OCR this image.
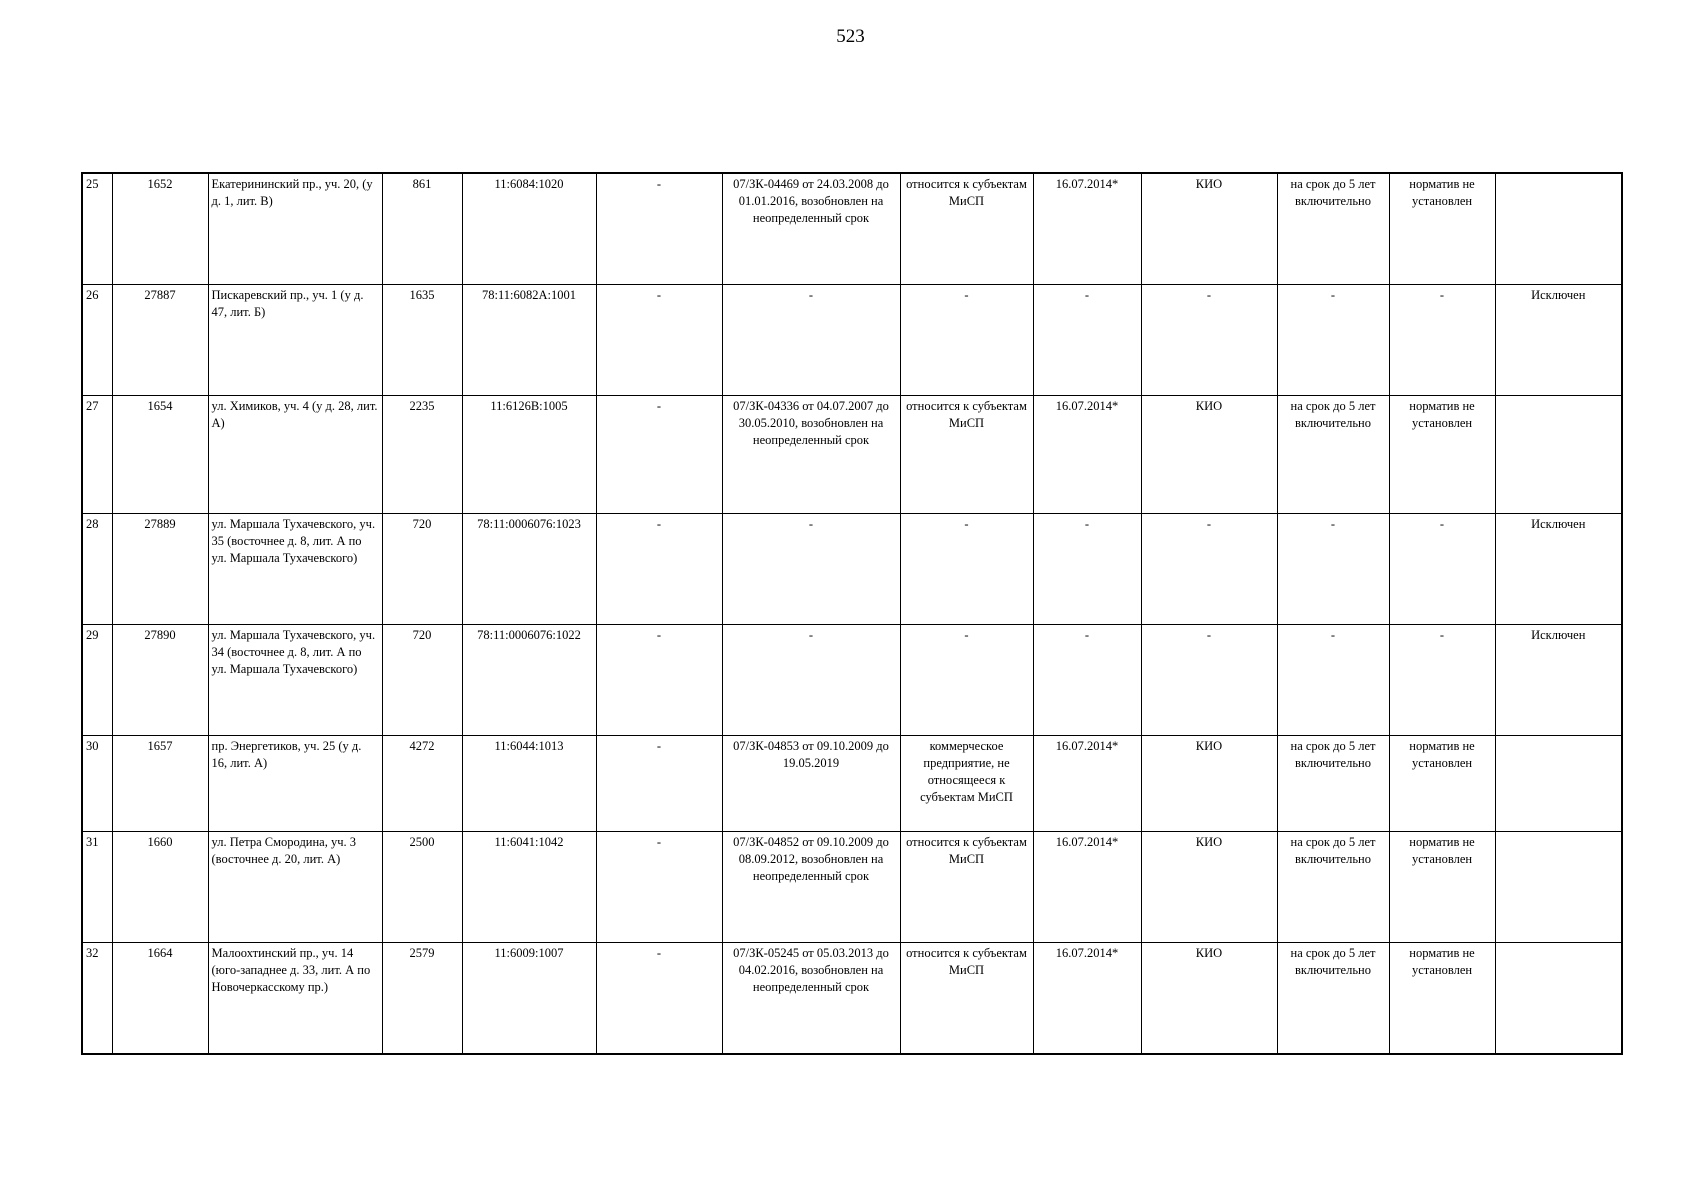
523
25	1652	Екатерининский пр., уч. 20, (у д. 1, лит. В)	861	11:6084:1020	-	07/ЗК-04469 от 24.03.2008 до 01.01.2016, возобновлен на неопределенный срок	относится к субъектам МиСП	16.07.2014*	КИО	на срок до 5 лет включительно	норматив не установлен	
26	27887	Пискаревский пр., уч. 1 (у д. 47, лит. Б)	1635	78:11:6082А:1001	-	-	-	-	-	-	-	Исключен
27	1654	ул. Химиков, уч. 4 (у д. 28, лит. А)	2235	11:6126В:1005	-	07/ЗК-04336 от 04.07.2007 до 30.05.2010, возобновлен на неопределенный срок	относится к субъектам МиСП	16.07.2014*	КИО	на срок до 5 лет включительно	норматив не установлен	
28	27889	ул. Маршала Тухачевского, уч. 35 (восточнее д. 8, лит. А по ул. Маршала Тухачевского)	720	78:11:0006076:1023	-	-	-	-	-	-	-	Исключен
29	27890	ул. Маршала Тухачевского, уч. 34 (восточнее д. 8, лит. А по ул. Маршала Тухачевского)	720	78:11:0006076:1022	-	-	-	-	-	-	-	Исключен
30	1657	пр. Энергетиков, уч. 25 (у д. 16, лит. А)	4272	11:6044:1013	-	07/ЗК-04853 от 09.10.2009 до 19.05.2019	коммерческое предприятие, не относящееся к субъектам МиСП	16.07.2014*	КИО	на срок до 5 лет включительно	норматив не установлен	
31	1660	ул. Петра Смородина, уч. 3 (восточнее д. 20, лит. А)	2500	11:6041:1042	-	07/ЗК-04852 от 09.10.2009 до 08.09.2012, возобновлен на неопределенный срок	относится к субъектам МиСП	16.07.2014*	КИО	на срок до 5 лет включительно	норматив не установлен	
32	1664	Малоохтинский пр., уч. 14 (юго-западнее д. 33, лит. А по Новочеркасскому пр.)	2579	11:6009:1007	-	07/ЗК-05245 от 05.03.2013 до 04.02.2016, возобновлен на неопределенный срок	относится к субъектам МиСП	16.07.2014*	КИО	на срок до 5 лет включительно	норматив не установлен	
